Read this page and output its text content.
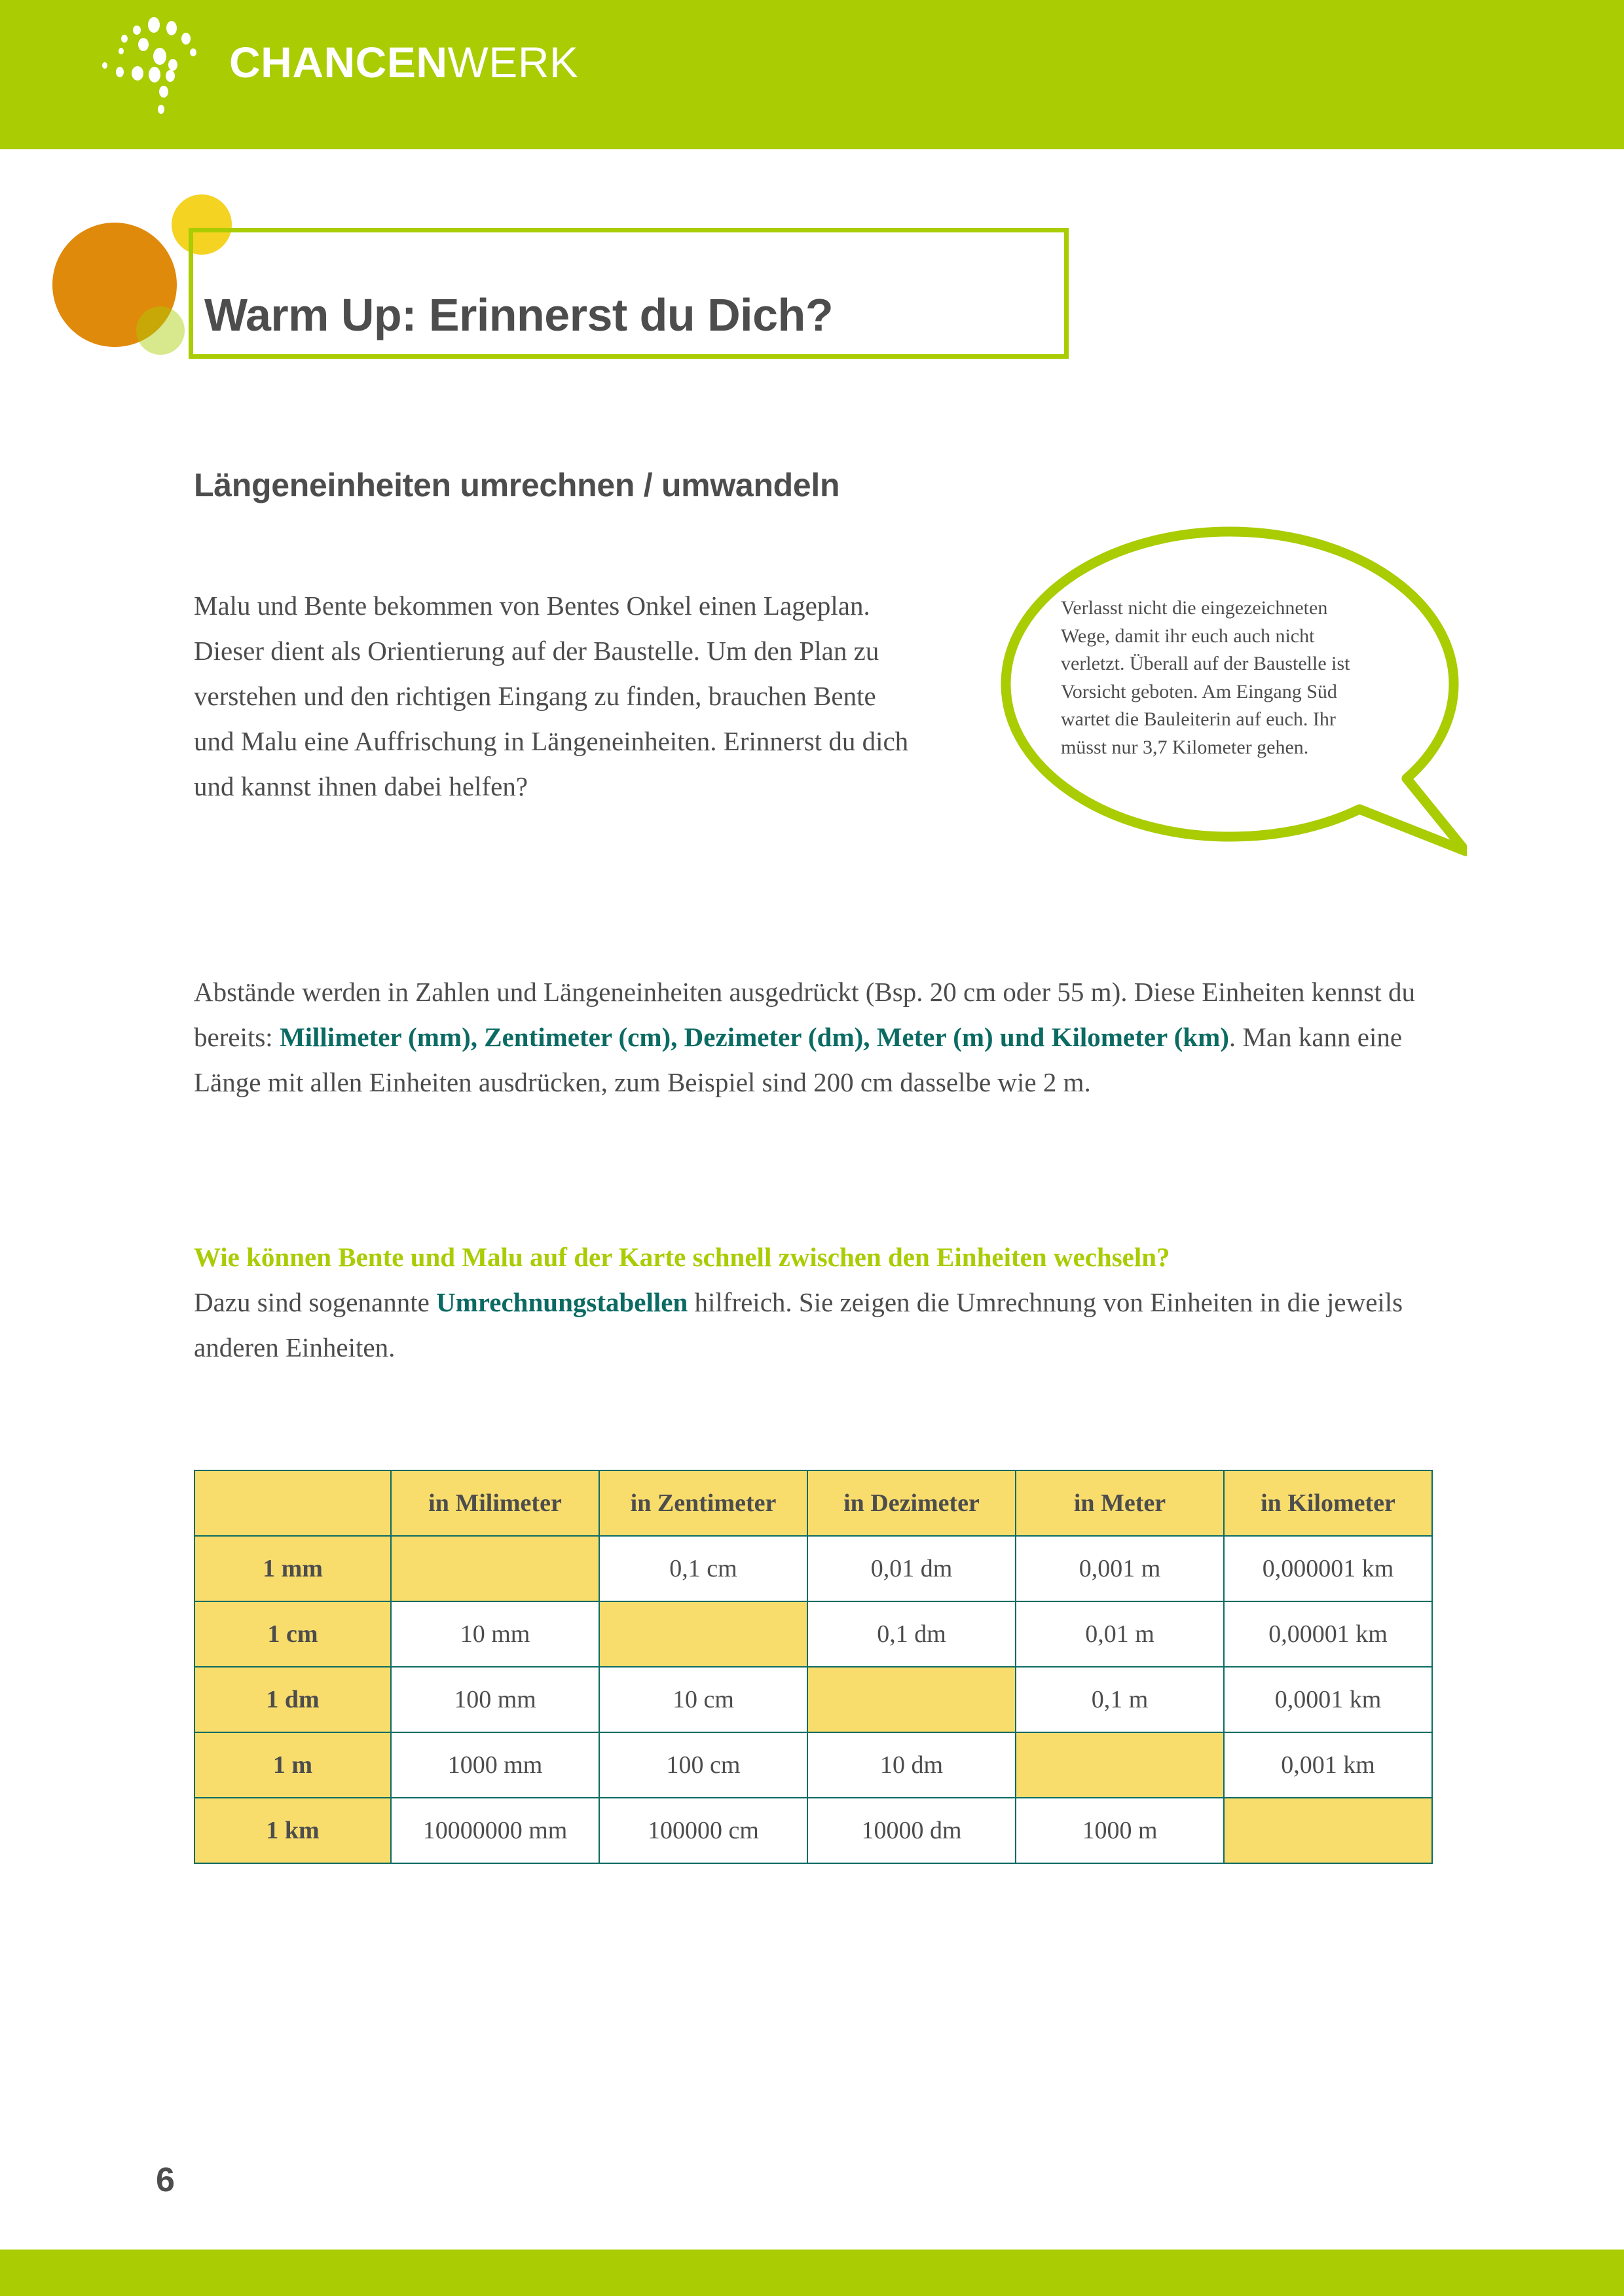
CHANCENWERK
Warm Up: Erinnerst du Dich?
Längeneinheiten umrechnen / umwandeln

Malu und Bente bekommen von Bentes Onkel einen Lageplan. Dieser dient als Orientierung auf der Baustelle. Um den Plan zu verstehen und den richtigen Eingang zu finden, brauchen Bente und Malu eine Auffrischung in Längeneinheiten. Erinnerst du dich und kannst ihnen dabei helfen?

Verlasst nicht die eingezeichneten Wege, damit ihr euch auch nicht verletzt. Überall auf der Baustelle ist Vorsicht geboten. Am Eingang Süd wartet die Bauleiterin auf euch. Ihr müsst nur 3,7 Kilometer gehen.

Abstände werden in Zahlen und Längeneinheiten ausgedrückt (Bsp. 20 cm oder 55 m). Diese Einheiten kennst du bereits: Millimeter (mm), Zentimeter (cm), Dezimeter (dm), Meter (m) und Kilometer (km). Man kann eine Länge mit allen Einheiten ausdrücken, zum Beispiel sind 200 cm dasselbe wie 2 m.

Wie können Bente und Malu auf der Karte schnell zwischen den Einheiten wechseln?
Dazu sind sogenannte Umrechnungstabellen hilfreich. Sie zeigen die Umrechnung von Einheiten in die jeweils anderen Einheiten.

	in Milimeter	in Zentimeter	in Dezimeter	in Meter	in Kilometer
1 mm		0,1 cm	0,01 dm	0,001 m	0,000001 km
1 cm	10 mm		0,1 dm	0,01 m	0,00001 km
1 dm	100 mm	10 cm		0,1 m	0,0001 km
1 m	1000 mm	100 cm	10 dm		0,001 km
1 km	10000000 mm	100000 cm	10000 dm	1000 m	
6
